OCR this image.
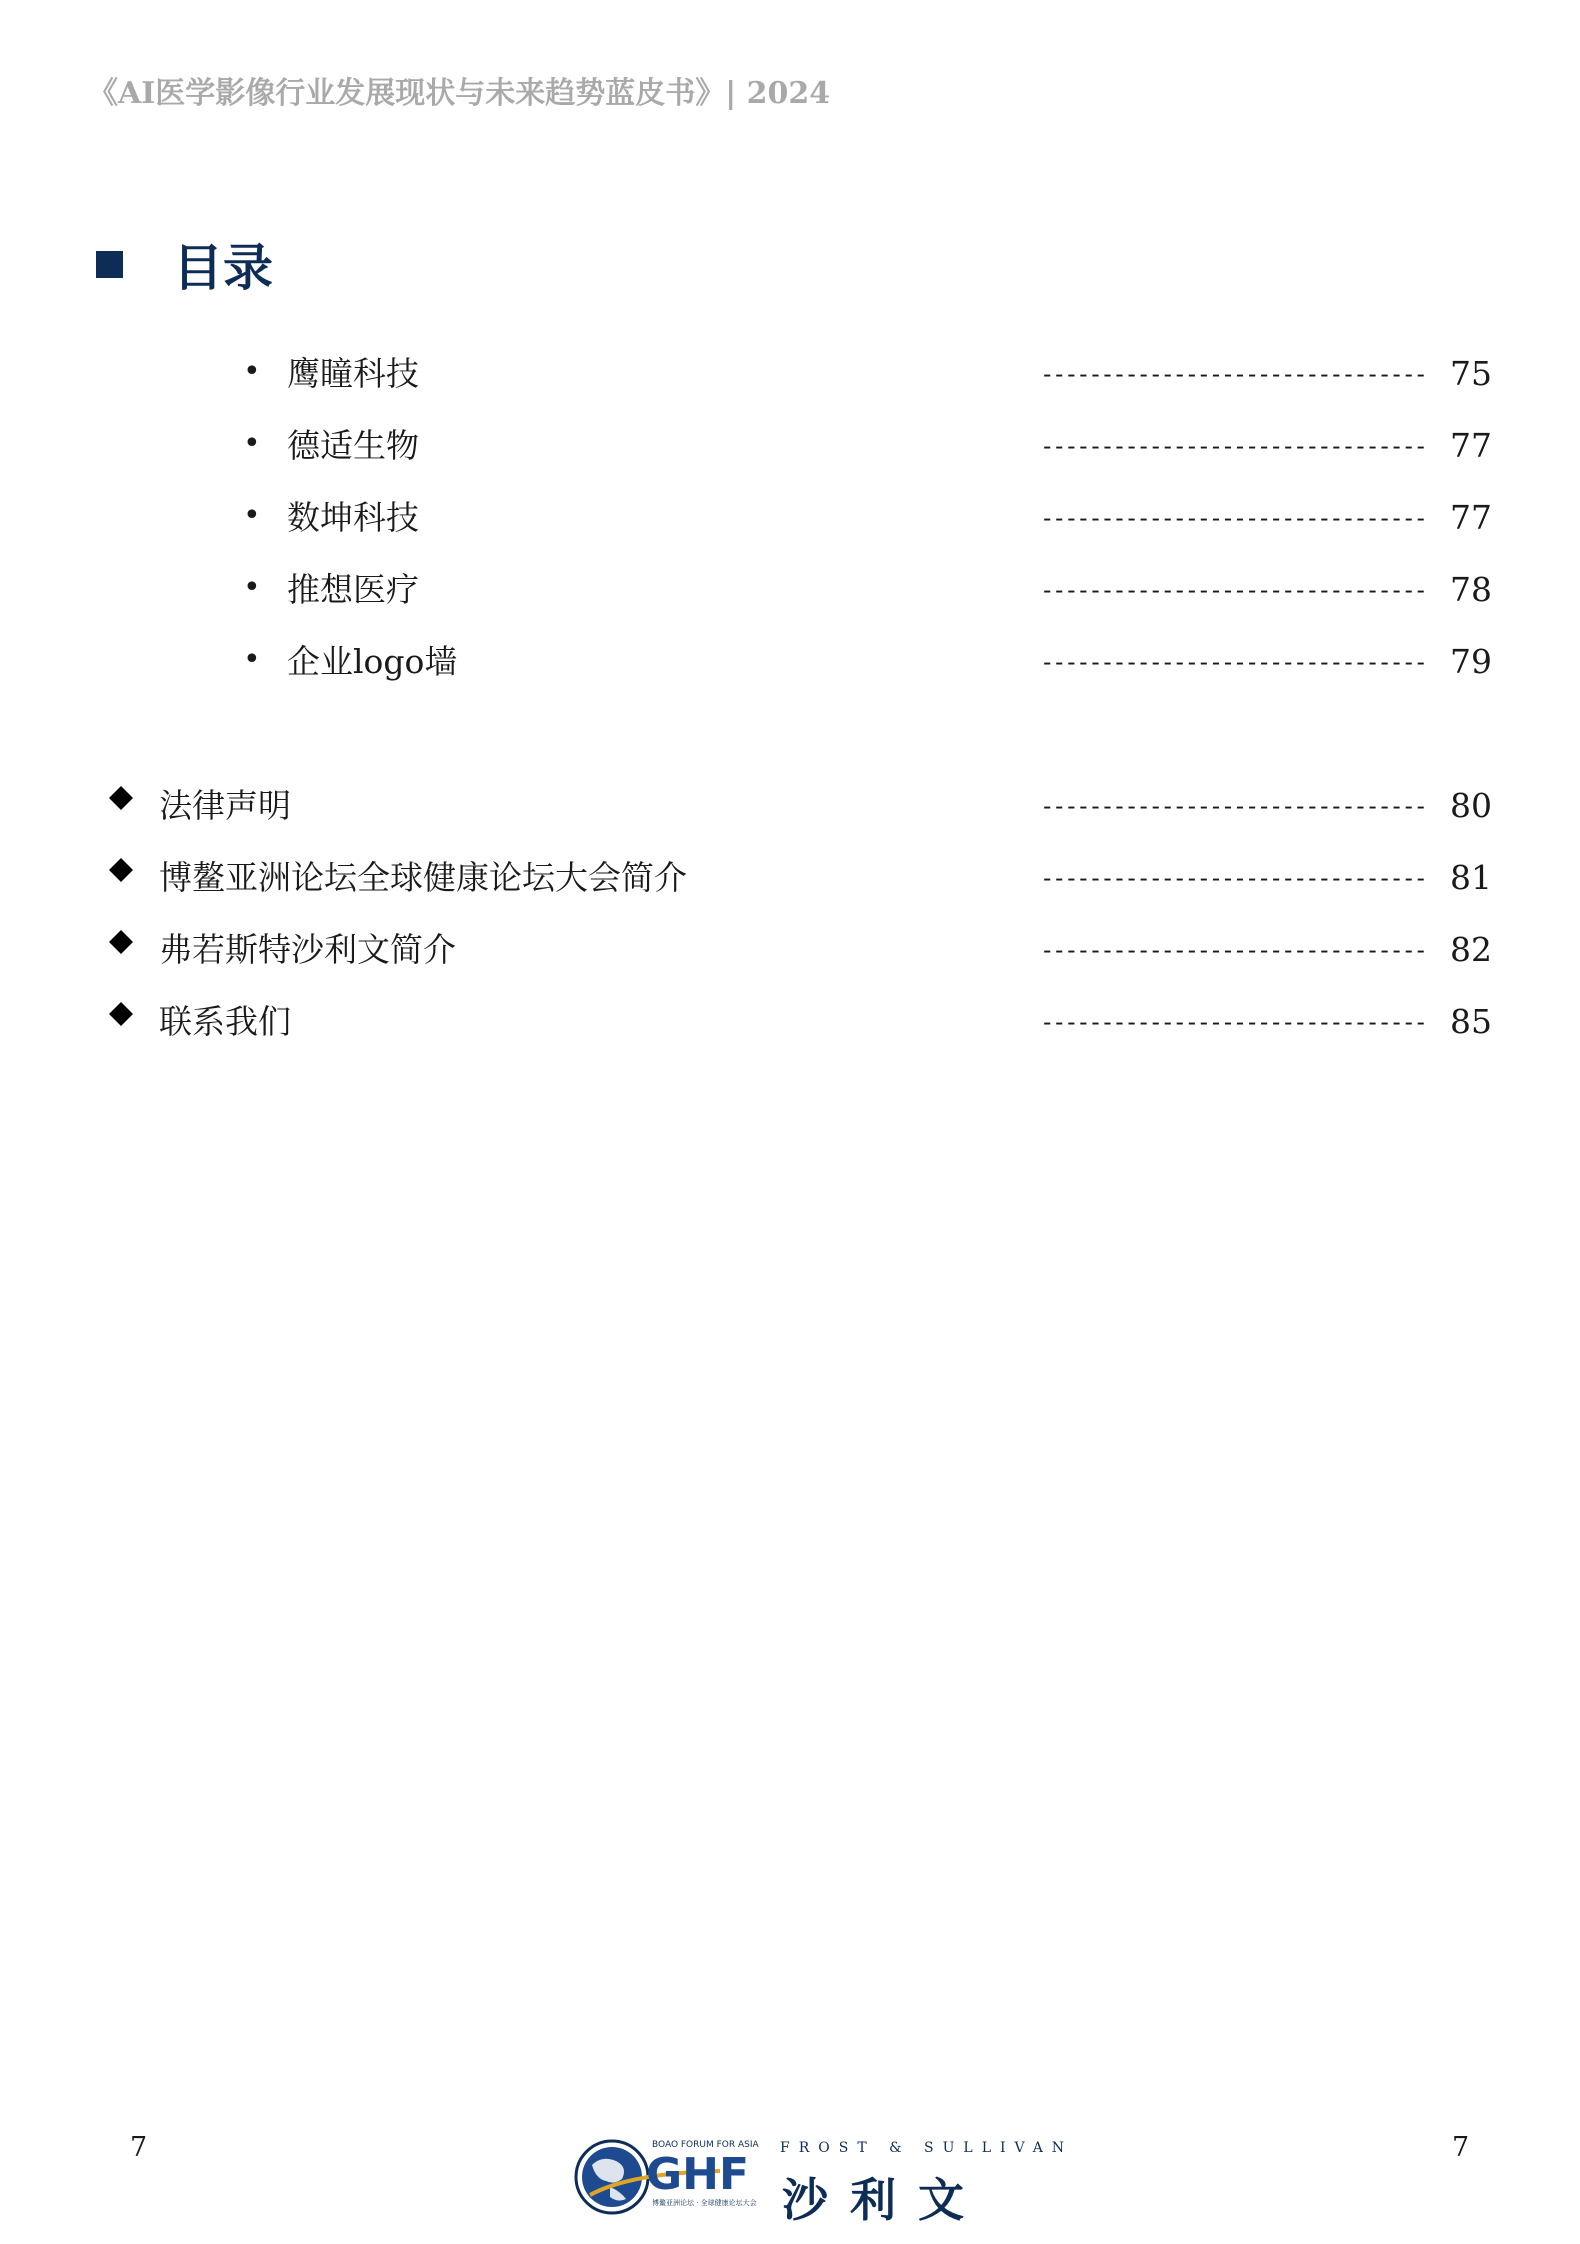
《AI医学影像行业发展现状与未来趋势蓝皮书》| 2024
目录
• 鹰瞳科技	-------------------------------- 75
• 德适生物	-------------------------------- 77
• 数坤科技	-------------------------------- 77
• 推想医疗	-------------------------------- 78
• 企业logo墙	-------------------------------- 79
法律声明	-------------------------------- 80
博鳌亚洲论坛全球健康论坛大会简介	-------------------------------- 81
弗若斯特沙利文简介	-------------------------------- 82
联系我们	-------------------------------- 85
7	7
BOAO FORUM FOR ASIA
GHF
博鳌亚洲论坛 · 全球健康论坛大会
FROST & SULLIVAN
沙利文
